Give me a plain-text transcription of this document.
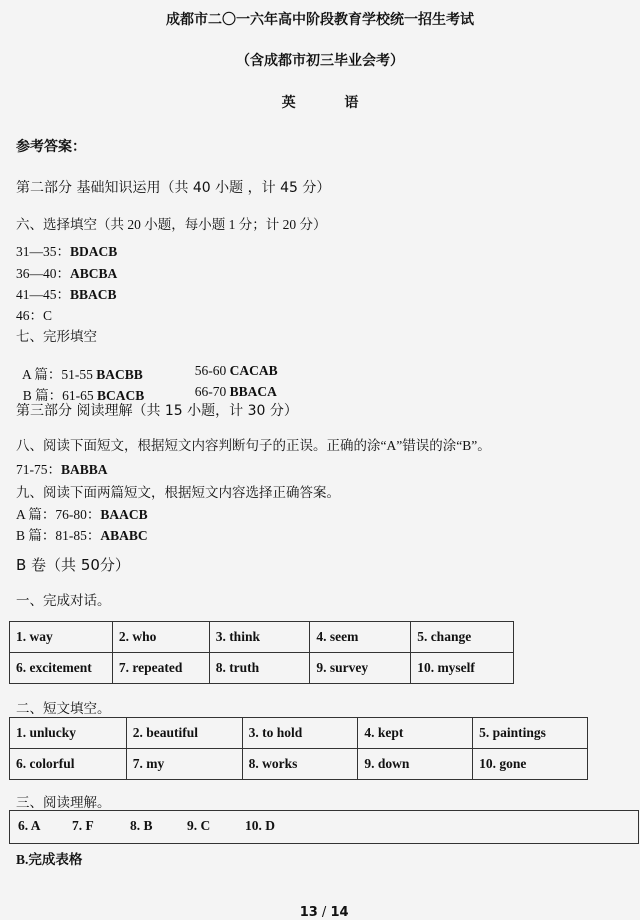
成都市二〇一六年高中阶段教育学校统一招生考试
（含成都市初三毕业会考）
英          语
参考答案：
第二部分 基础知识运用（共 40 小题 ，计 45 分）
六、选择填空（共 20 小题，每小题 1 分；计 20 分）
31—35：BDACB
36—40：ABCBA
41—45：BBACB
46：C
七、完形填空

A 篇：51-55 BACBB	56-60 CACAB

B 篇：61-65 BCACB	66-70 BBACA

第三部分 阅读理解（共 15 小题，计 30 分）
八、阅读下面短文，根据短文内容判断句子的正误。正确的涂“A”错误的涂“B”。
71-75：BABBA
九、阅读下面两篇短文，根据短文内容选择正确答案。
A 篇：76-80：BAACB
B 篇：81-85：ABABC
B 卷（共 50分）
一、完成对话。
1. way	2. who	3. think	4. seem	5. change
6. excitement	7. repeated	8. truth	9. survey	10. myself
二、短文填空。
1. unlucky	2. beautiful	3. to hold	4. kept	5. paintings
6. colorful	7. my	8. works	9. down	10. gone
三、阅读理解。
6. A 7. F	8. B	9. C	10. D
B.完成表格

13 / 14
